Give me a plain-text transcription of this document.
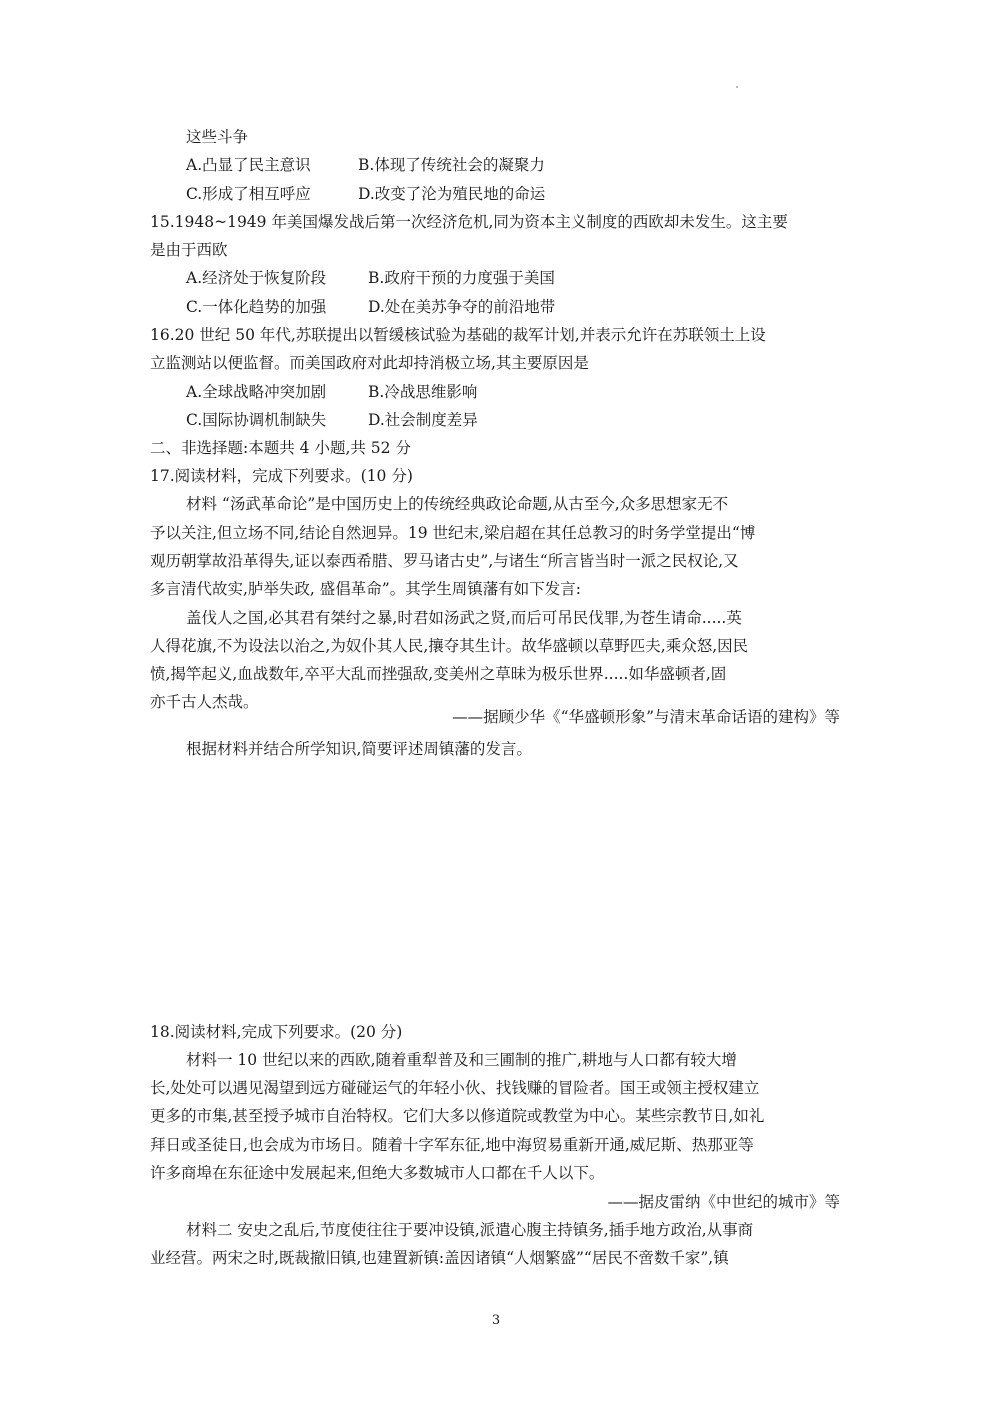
这些斗争
A.凸显了民主意识	B.体现了传统社会的凝聚力
C.形成了相互呼应	D.改变了沦为殖民地的命运
15.1948~1949 年美国爆发战后第一次经济危机,同为资本主义制度的西欧却未发生。这主要
是由于西欧
A.经济处于恢复阶段	B.政府干预的力度强于美国
C.一体化趋势的加强	D.处在美苏争夺的前沿地带
16.20 世纪 50 年代,苏联提出以暂缓核试验为基础的裁军计划,并表示允许在苏联领土上设
立监测站以便监督。而美国政府对此却持消极立场,其主要原因是
A.全球战略冲突加剧	B.冷战思维影响
C.国际协调机制缺失	D.社会制度差异
二、非选择题:本题共 4 小题,共 52 分
17.阅读材料，完成下列要求。(10 分)
材料 “汤武革命论”是中国历史上的传统经典政论命题,从古至今,众多思想家无不
予以关注,但立场不同,结论自然迥异。19 世纪末,梁启超在其任总教习的时务学堂提出“博
观历朝掌故沿革得失,证以泰西希腊、罗马诸古史”,与诸生“所言皆当时一派之民权论,又
多言清代故实,胪举失政, 盛倡革命”。其学生周镇藩有如下发言:
盖伐人之国,必其君有桀纣之暴,时君如汤武之贤,而后可吊民伐罪,为苍生请命.....英
人得花旗,不为设法以治之,为奴仆其人民,攘夺其生计。故华盛顿以草野匹夫,乘众怒,因民
愤,揭竿起义,血战数年,卒平大乱而挫强敌,变美州之草昧为极乐世界.....如华盛顿者,固
亦千古人杰哉。
——据顾少华《“华盛顿形象”与清末革命话语的建构》等
根据材料并结合所学知识,简要评述周镇藩的发言。
18.阅读材料,完成下列要求。(20 分)
材料一 10 世纪以来的西欧,随着重犁普及和三圃制的推广,耕地与人口都有较大增
长,处处可以遇见渴望到远方碰碰运气的年轻小伙、找钱赚的冒险者。国王或领主授权建立
更多的市集,甚至授予城市自治特权。它们大多以修道院或教堂为中心。某些宗教节日,如礼
拜日或圣徒日,也会成为市场日。随着十字军东征,地中海贸易重新开通,威尼斯、热那亚等
许多商埠在东征途中发展起来,但绝大多数城市人口都在千人以下。
——据皮雷纳《中世纪的城市》等
材料二 安史之乱后,节度使往往于要冲设镇,派遣心腹主持镇务,插手地方政治,从事商
业经营。两宋之时,既裁撤旧镇,也建置新镇:盖因诸镇“人烟繁盛”“居民不啻数千家”,镇
3
